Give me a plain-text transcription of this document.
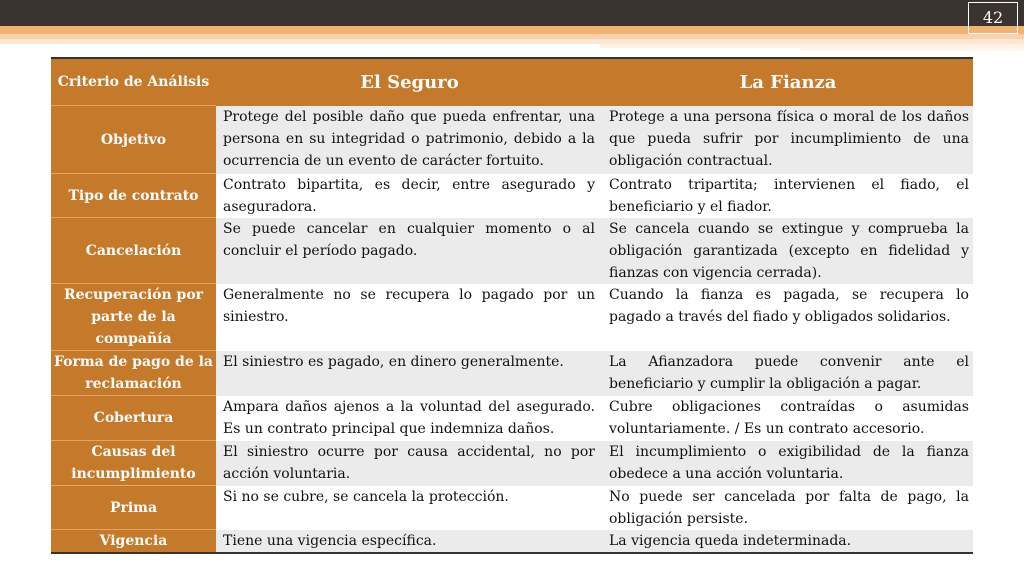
42
Criterio de Análisis	El Seguro	La Fianza
Objetivo	Protege del posible daño que pueda enfrentar, una persona en su integridad o patrimonio, debido a la ocurrencia de un evento de carácter fortuito.	Protege a una persona física o moral de los daños que pueda sufrir por incumplimiento de una obligación contractual.
Tipo de contrato	Contrato bipartita, es decir, entre asegurado y aseguradora.	Contrato tripartita; intervienen el fiado, el beneficiario y el fiador.
Cancelación	Se puede cancelar en cualquier momento o al concluir el período pagado.	Se cancela cuando se extingue y comprueba la obligación garantizada (excepto en fidelidad y fianzas con vigencia cerrada).
Recuperación por parte de la compañía	Generalmente no se recupera lo pagado por un siniestro.	Cuando la fianza es pagada, se recupera lo pagado a través del fiado y obligados solidarios.
Forma de pago de la reclamación	El siniestro es pagado, en dinero generalmente.	La Afianzadora puede convenir ante el beneficiario y cumplir la obligación a pagar.
Cobertura	Ampara daños ajenos a la voluntad del asegurado. Es un contrato principal que indemniza daños.	Cubre obligaciones contraídas o asumidas voluntariamente. / Es un contrato accesorio.
Causas del incumplimiento	El siniestro ocurre por causa accidental, no por acción voluntaria.	El incumplimiento o exigibilidad de la fianza obedece a una acción voluntaria.
Prima	Si no se cubre, se cancela la protección.	No puede ser cancelada por falta de pago, la obligación persiste.
Vigencia	Tiene una vigencia específica.	La vigencia queda indeterminada.
